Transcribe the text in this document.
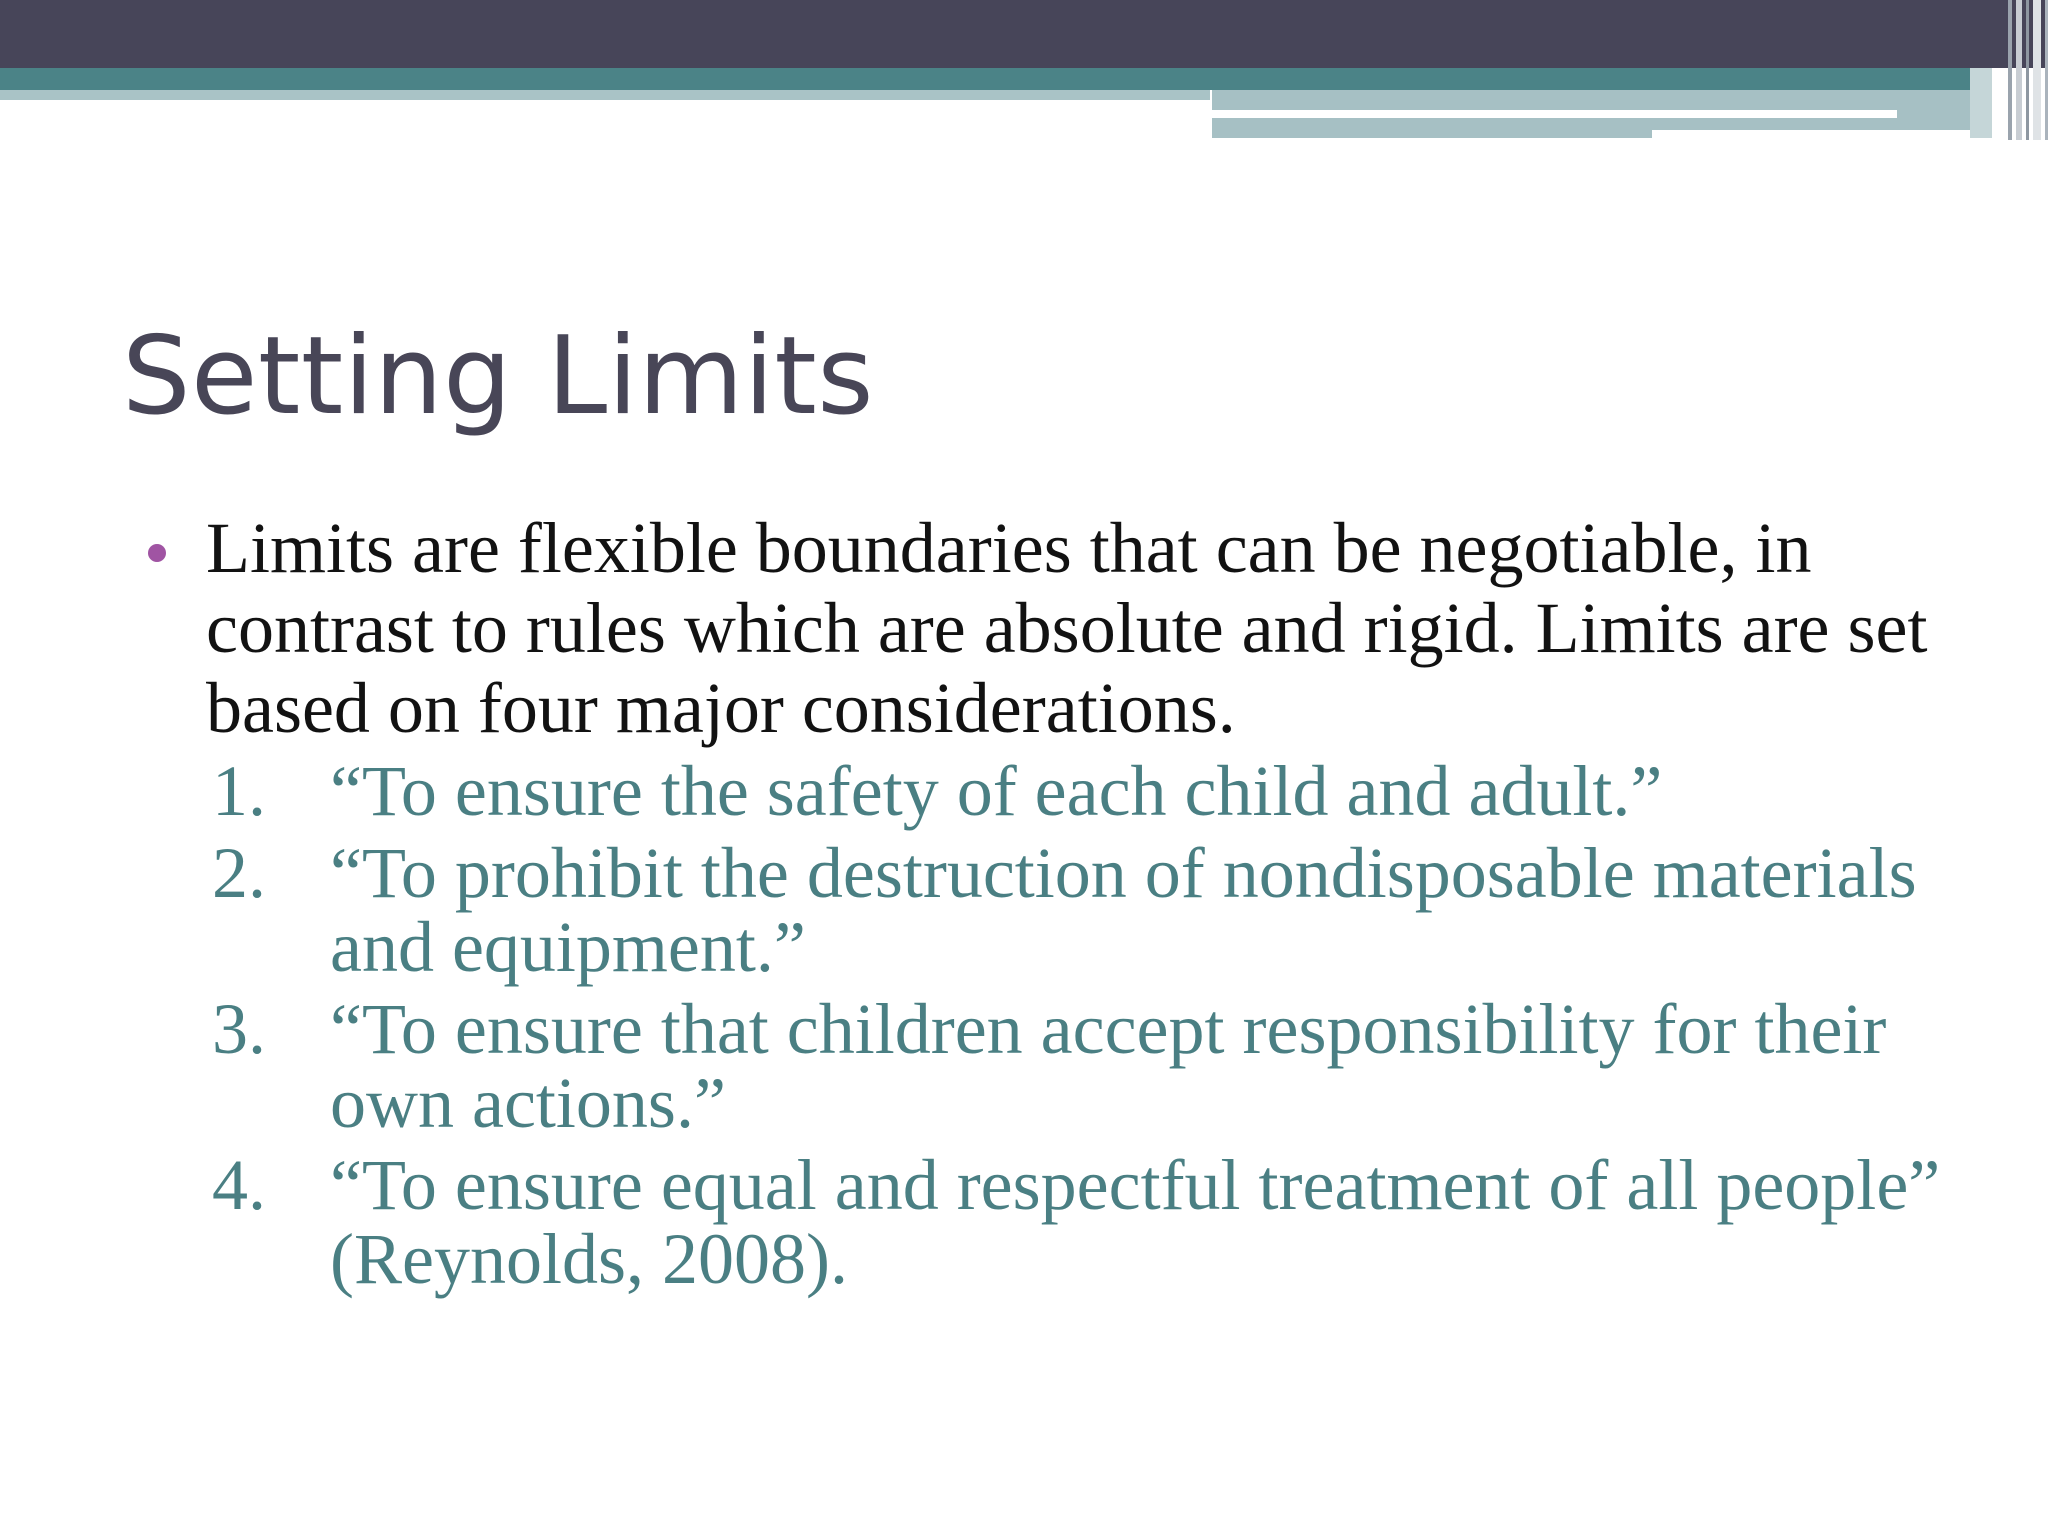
Setting Limits
Limits are flexible boundaries that can be negotiable, in contrast to rules which are absolute and rigid. Limits are set based on four major considerations.
1. “To ensure the safety of each child and adult.”
2. “To prohibit the destruction of nondisposable materials and equipment.”
3. “To ensure that children accept responsibility for their own actions.”
4. “To ensure equal and respectful treatment of all people” (Reynolds, 2008).
